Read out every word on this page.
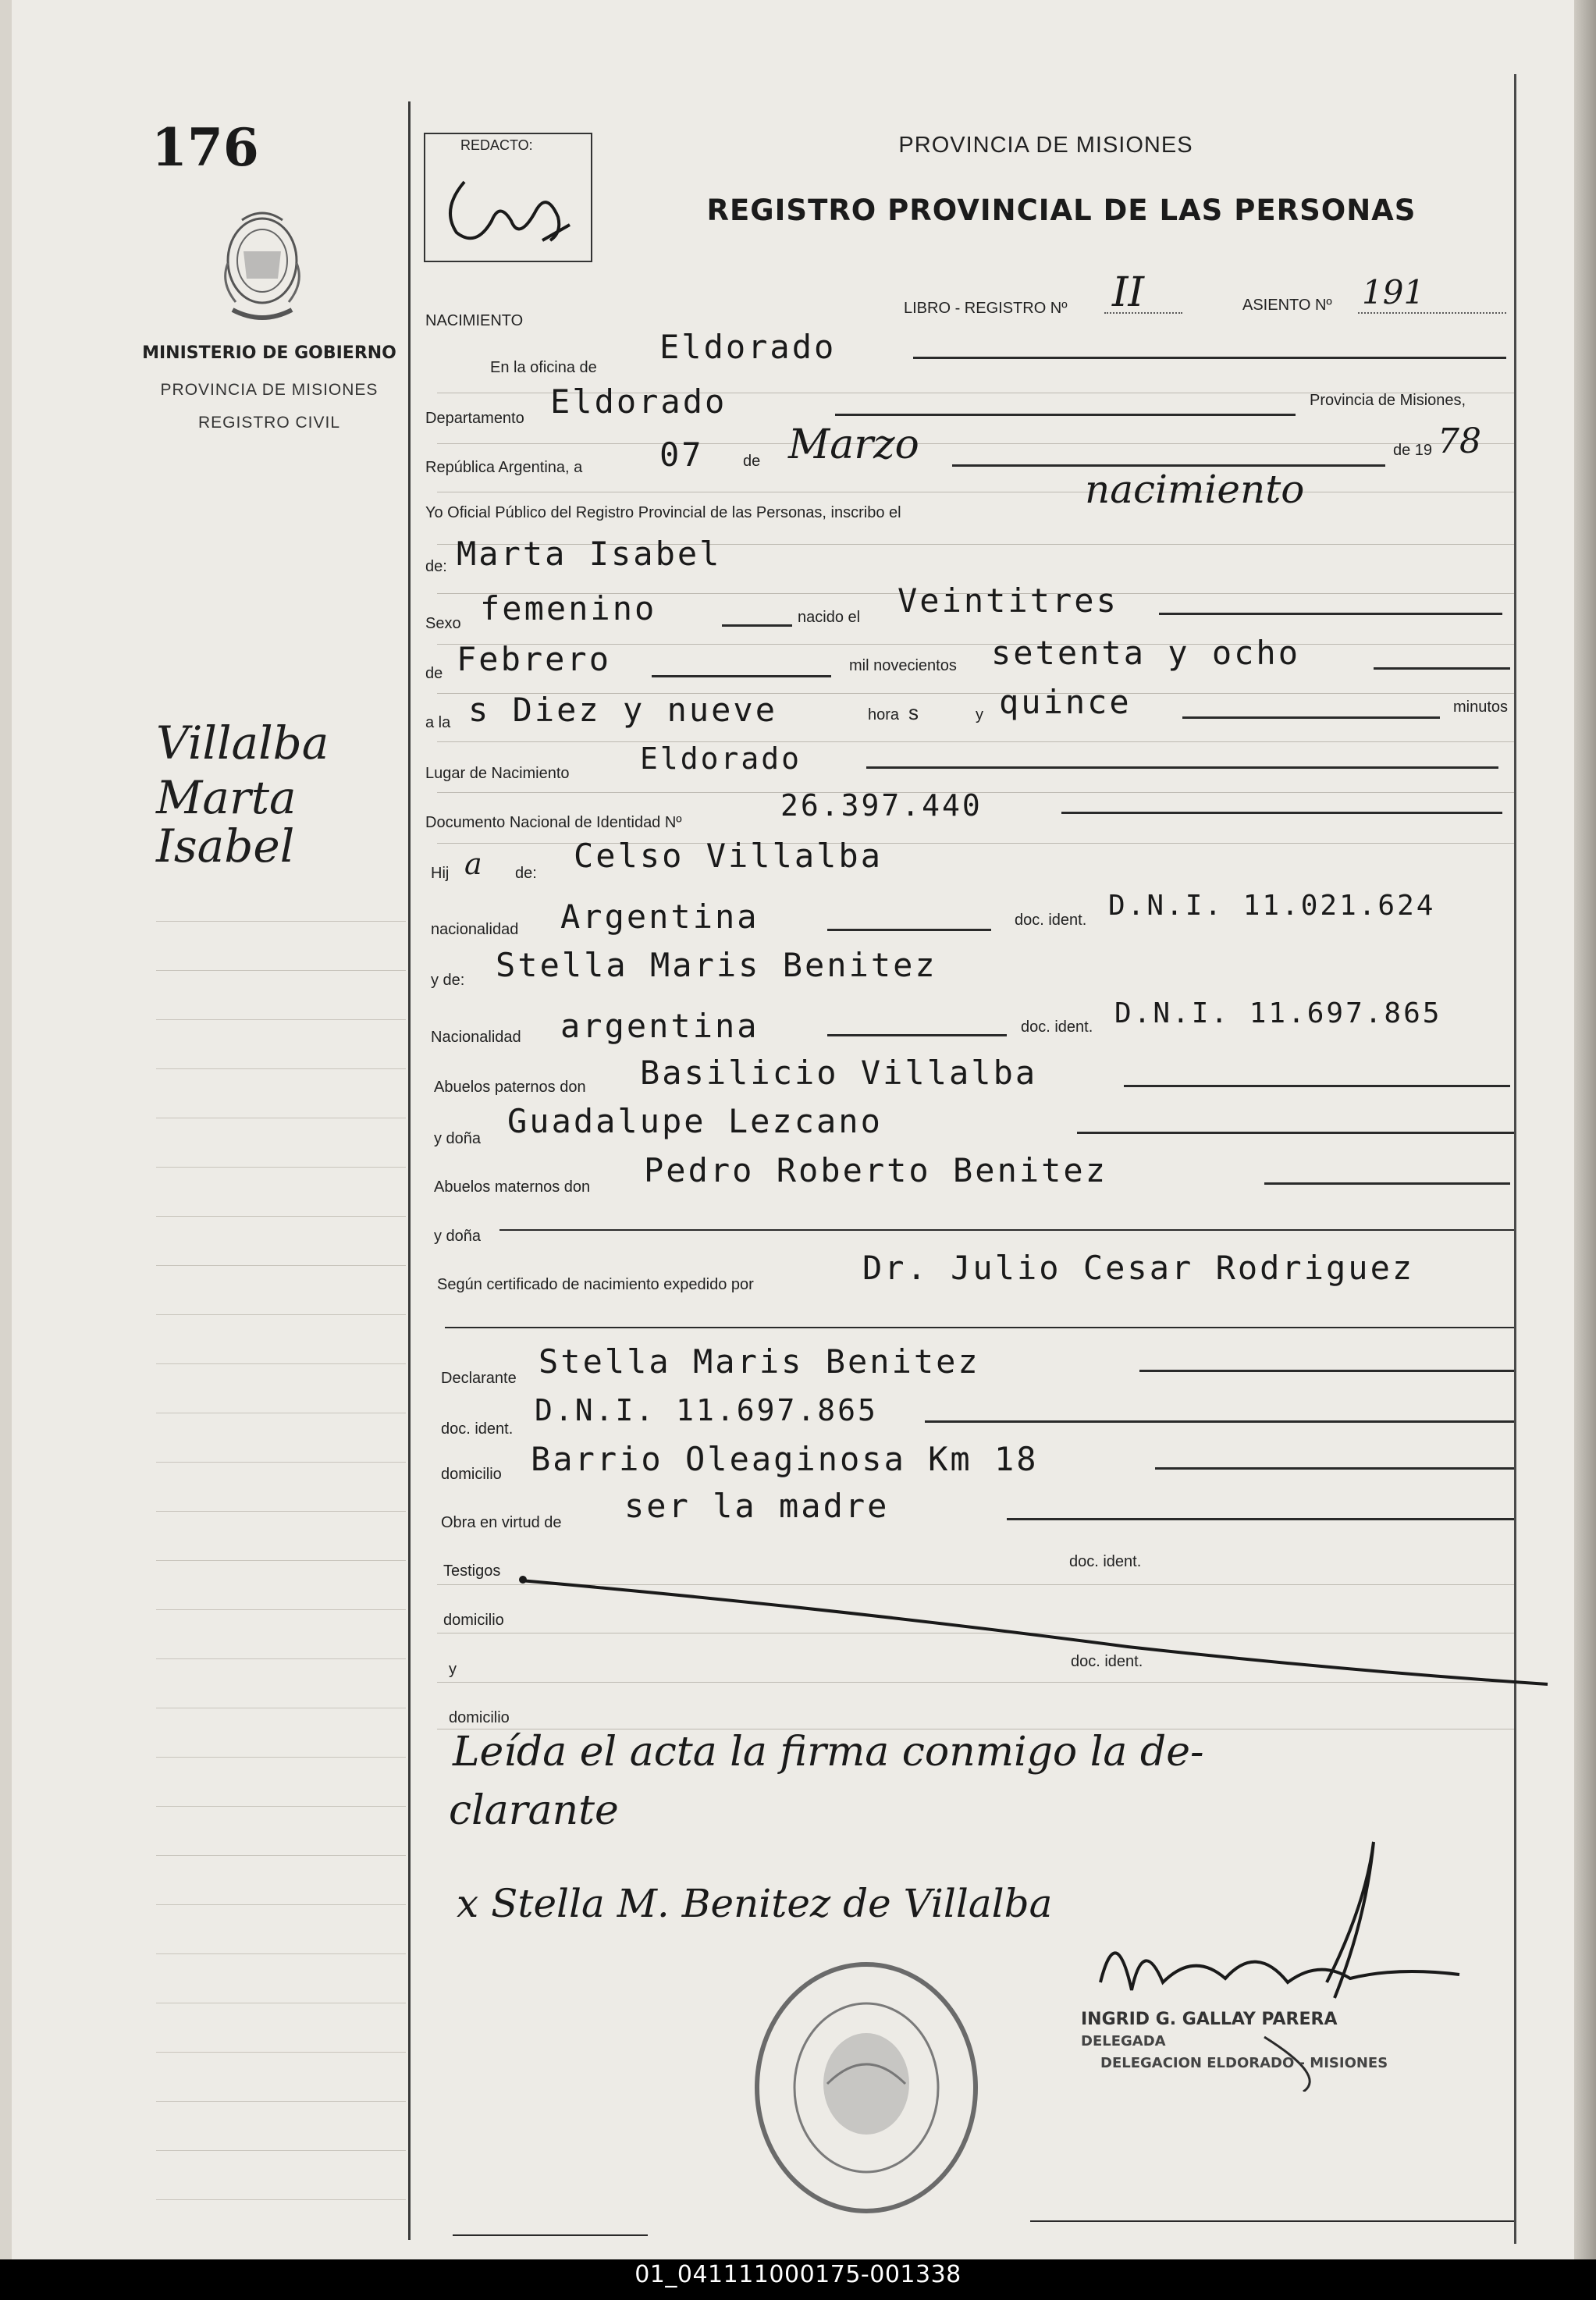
176
MINISTERIO DE GOBIERNO
PROVINCIA DE MISIONES
REGISTRO CIVIL
Villalba
Marta
Isabel
REDACTO:	PROVINCIA DE MISIONES
REGISTRO PROVINCIAL DE LAS PERSONAS
NACIMIENTO
LIBRO - REGISTRO Nº II	ASIENTO Nº 191
En la oficina de
Eldorado
Departamento Eldorado	Provincia de Misiones,
República Argentina, a 07	de Marzo	de 19 78
Yo Oficial Público del Registro Provincial de las Personas, inscribo el
nacimiento
de: Marta Isabel
Sexo femenino	nacido el Veintitres
de Febrero	mil novecientos setenta y ocho
a la s Diez y nueve	hora s	y quince	minutos
Lugar de Nacimiento Eldorado
Documento Nacional de Identidad Nº	26.397.440
Hij a de: Celso Villalba
nacionalidad Argentina	doc. ident. D.N.I. 11.021.624
y de: Stella Maris Benitez
Nacionalidad argentina	doc. ident. D.N.I. 11.697.865
Abuelos paternos don Basilicio Villalba
y doña Guadalupe Lezcano
Abuelos maternos don Pedro Roberto Benitez
y doña
Según certificado de nacimiento expedido por	Dr. Julio Cesar Rodriguez
Declarante Stella Maris Benitez
doc. ident.
D.N.I. 11.697.865
domicilio Barrio Oleaginosa Km 18
Obra en virtud de ser la madre
Testigos
doc. ident.
domicilio
y	doc. ident.
domicilio
Leída el acta la firma conmigo la de-
clarante
x Stella M. Benitez de Villalba
INGRID G. GALLAY PARERA
DELEGADA
DELEGACION ELDORADO - MISIONES
01_041111000175-001338
